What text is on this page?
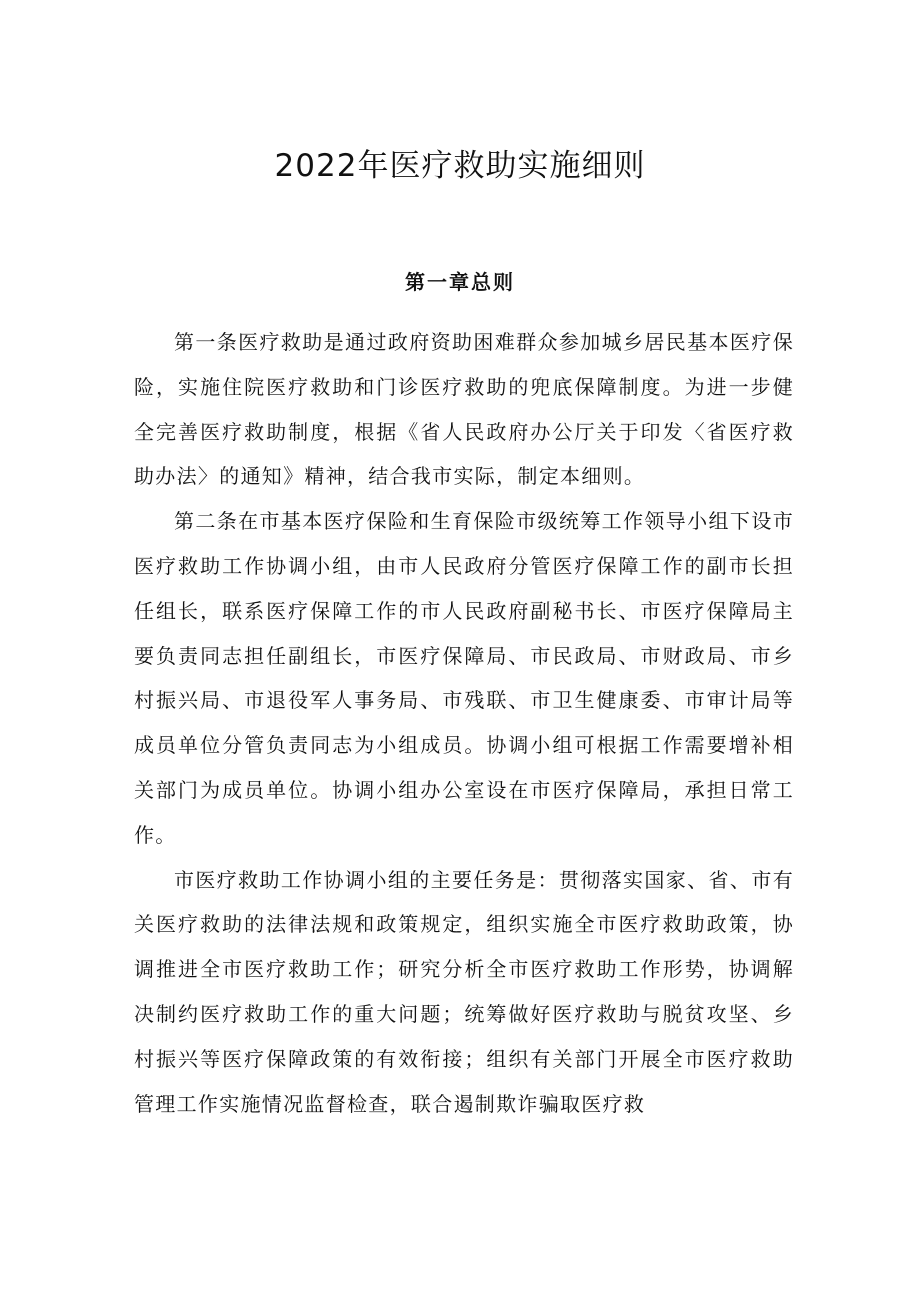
2022年医疗救助实施细则
第一章总则

第一条医疗救助是通过政府资助困难群众参加城乡居民基本医疗保险，实施住院医疗救助和门诊医疗救助的兜底保障制度。为进一步健全完善医疗救助制度，根据《省人民政府办公厅关于印发〈省医疗救助办法〉的通知》精神，结合我市实际，制定本细则。

第二条在市基本医疗保险和生育保险市级统筹工作领导小组下设市医疗救助工作协调小组，由市人民政府分管医疗保障工作的副市长担任组长，联系医疗保障工作的市人民政府副秘书长、市医疗保障局主要负责同志担任副组长，市医疗保障局、市民政局、市财政局、市乡村振兴局、市退役军人事务局、市残联、市卫生健康委、市审计局等成员单位分管负责同志为小组成员。协调小组可根据工作需要增补相关部门为成员单位。协调小组办公室设在市医疗保障局，承担日常工作。

市医疗救助工作协调小组的主要任务是：贯彻落实国家、省、市有关医疗救助的法律法规和政策规定，组织实施全市医疗救助政策，协调推进全市医疗救助工作；研究分析全市医疗救助工作形势，协调解决制约医疗救助工作的重大问题；统筹做好医疗救助与脱贫攻坚、乡村振兴等医疗保障政策的有效衔接；组织有关部门开展全市医疗救助管理工作实施情况监督检查，联合遏制欺诈骗取医疗救
